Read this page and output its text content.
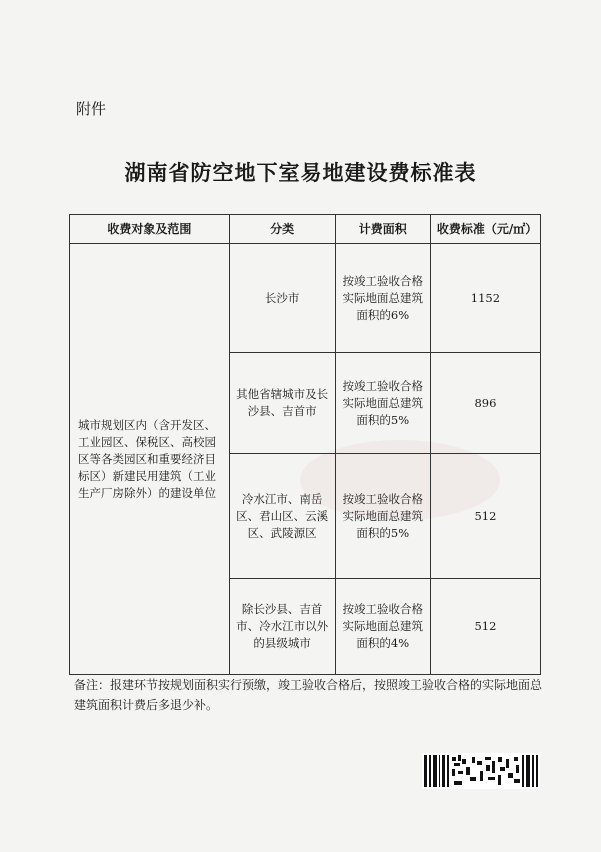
附件
湖南省防空地下室易地建设费标准表
收费对象及范围	分类	计费面积	收费标准（元/㎡）
城市规划区内（含开发区、工业园区、保税区、高校园区等各类园区和重要经济目标区）新建民用建筑（工业生产厂房除外）的建设单位	长沙市	按竣工验收合格实际地面总建筑面积的6%	1152
	其他省辖城市及长沙县、吉首市	按竣工验收合格实际地面总建筑面积的5%	896
	冷水江市、南岳区、君山区、云溪区、武陵源区	按竣工验收合格实际地面总建筑面积的5%	512
	除长沙县、吉首市、冷水江市以外的县级城市	按竣工验收合格实际地面总建筑面积的4%	512
备注：报建环节按规划面积实行预缴，竣工验收合格后，按照竣工验收合格的实际地面总建筑面积计费后多退少补。
